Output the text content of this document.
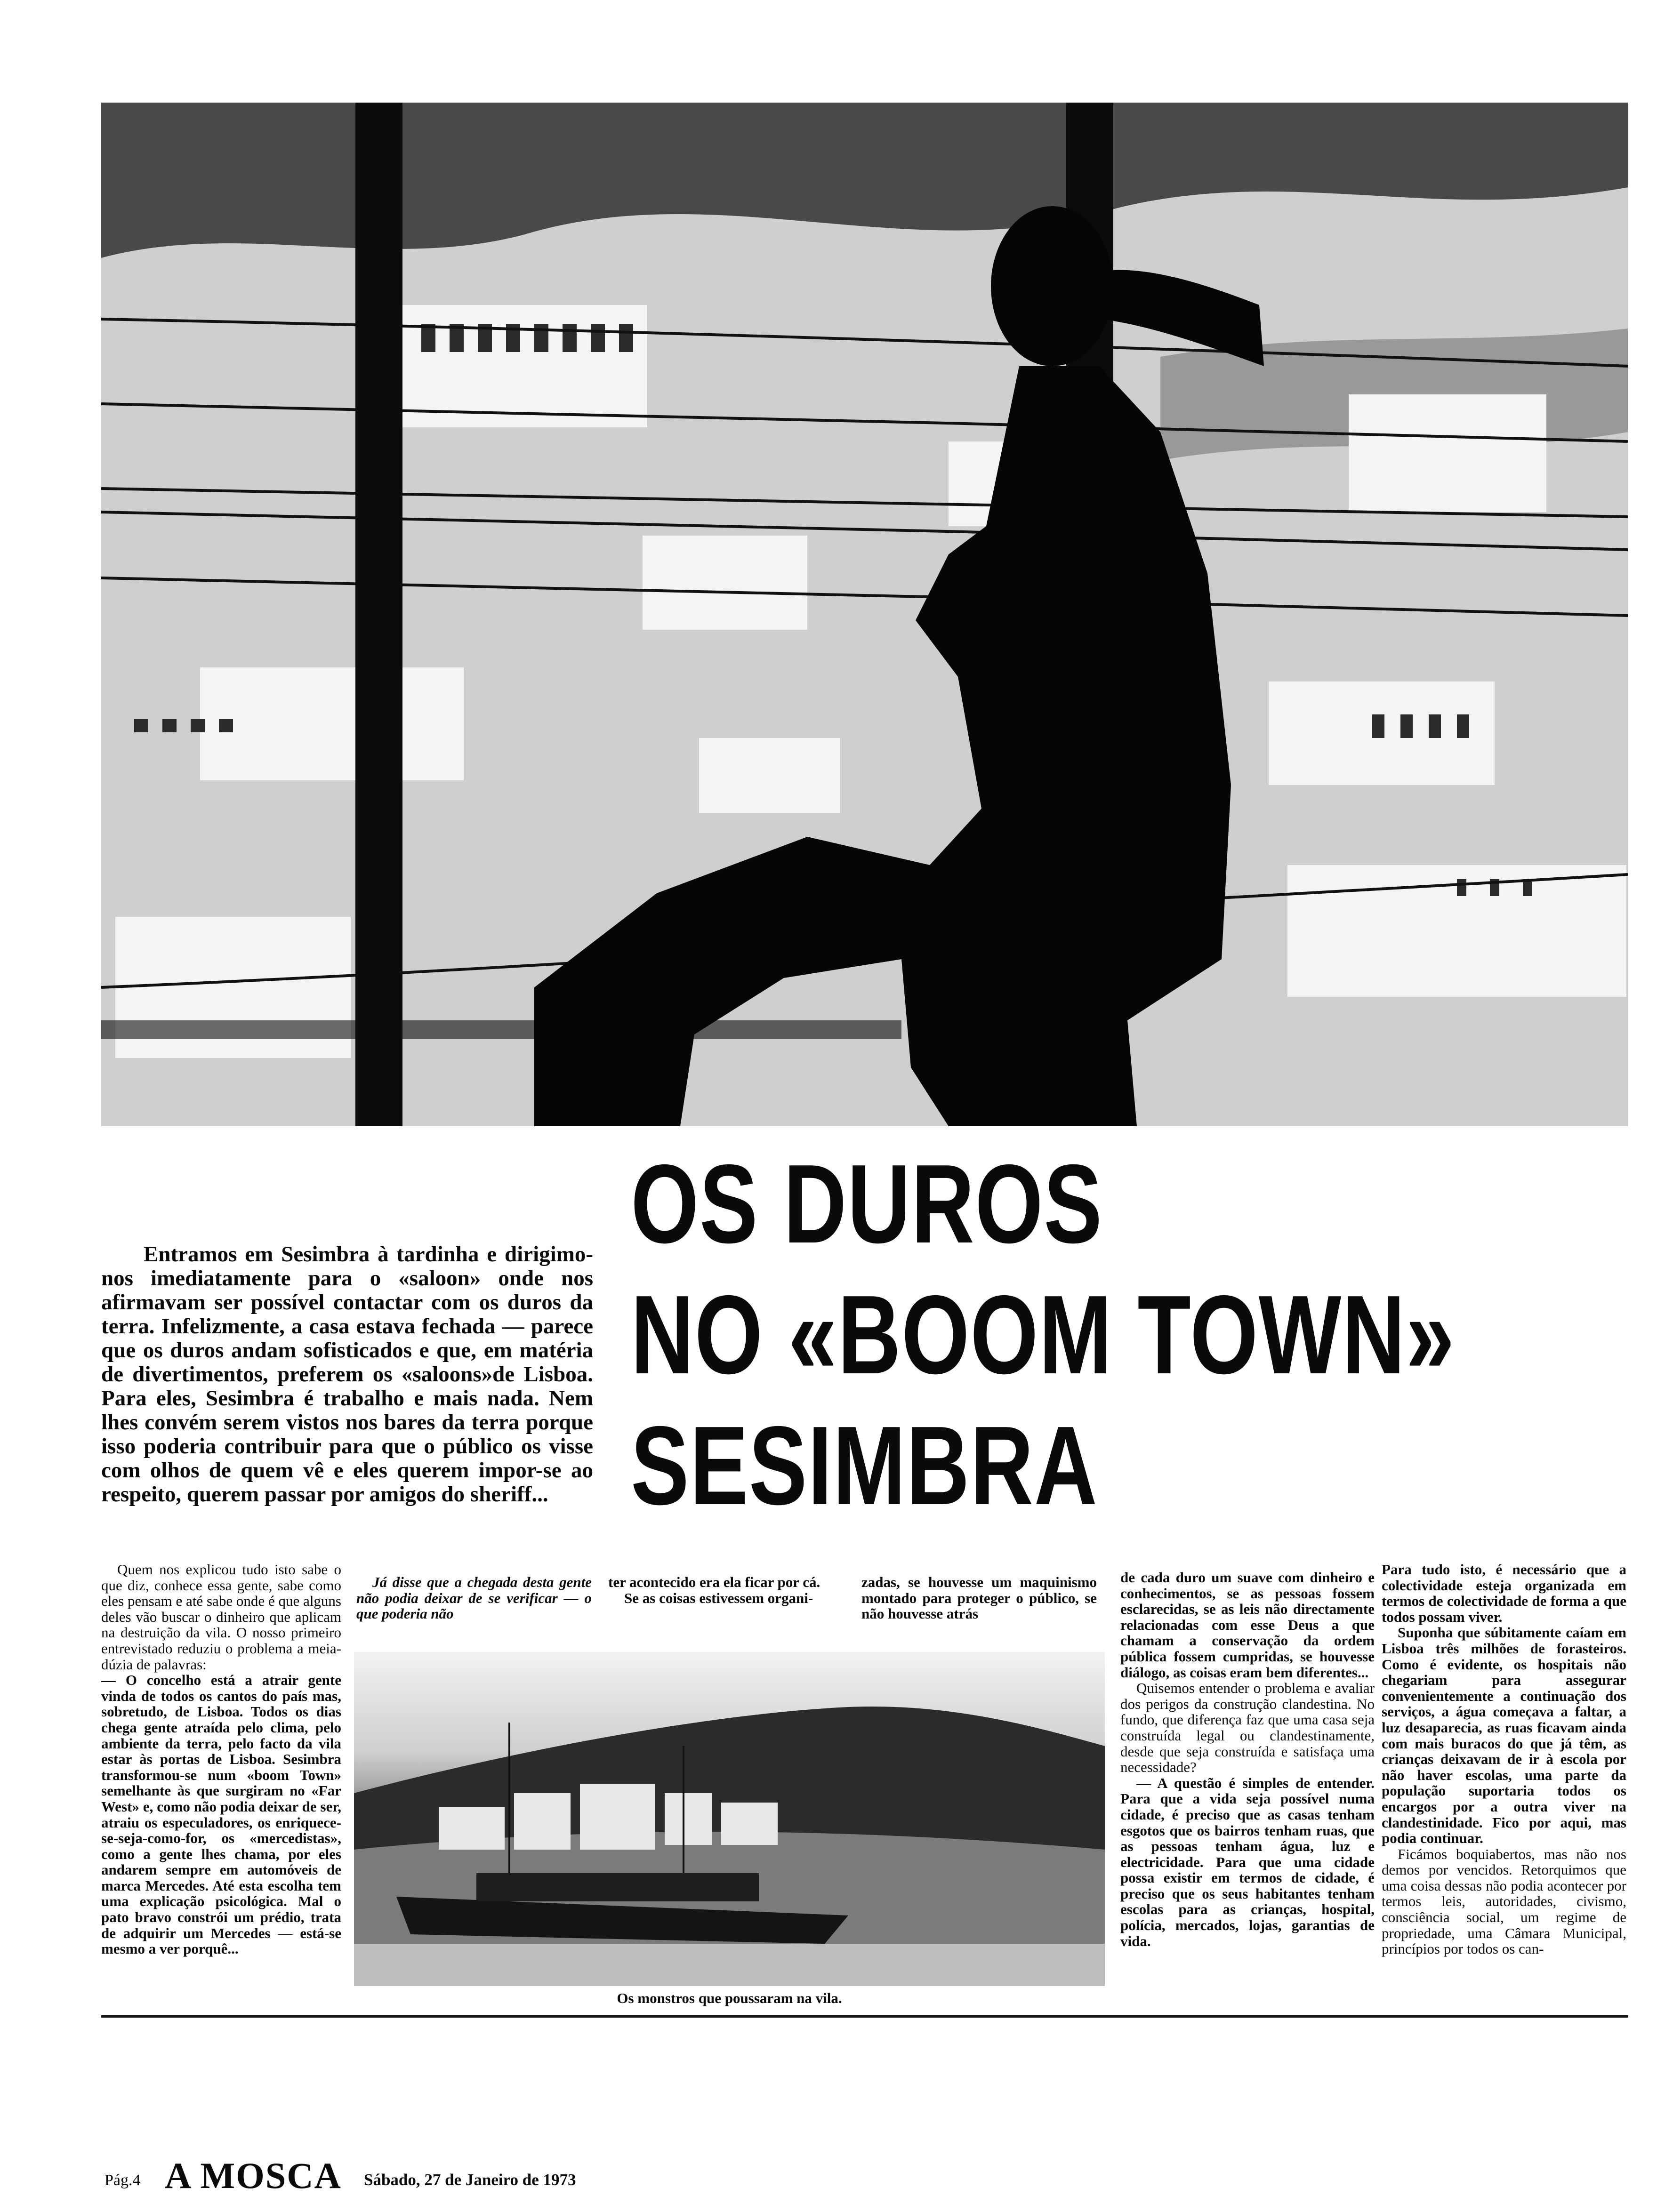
OS DUROS
NO «BOOM TOWN»
SESIMBRA
Entramos em Sesimbra à tardinha e dirigimo-nos imediatamente para o «saloon» onde nos afirmavam ser possível contactar com os duros da terra. Infelizmente, a casa estava fechada — parece que os duros andam sofisticados e que, em matéria de divertimentos, preferem os «saloons»de Lisboa. Para eles, Sesimbra é trabalho e mais nada. Nem lhes convém serem vistos nos bares da terra porque isso poderia contribuir para que o público os visse com olhos de quem vê e eles querem impor-se ao respeito, querem passar por amigos do sheriff...

Quem nos explicou tudo isto sabe o que diz, conhece essa gente, sabe como eles pensam e até sabe onde é que alguns deles vão buscar o dinheiro que aplicam na destruição da vila. O nosso primeiro entrevistado reduziu o problema a meia-dúzia de palavras:

— O concelho está a atrair gente vinda de todos os cantos do país mas, sobretudo, de Lisboa. Todos os dias chega gente atraída pelo clima, pelo ambiente da terra, pelo facto da vila estar às portas de Lisboa. Sesimbra transformou-se num «boom Town» semelhante às que surgiram no «Far West» e, como não podia deixar de ser, atraiu os especuladores, os enriquece-se-seja-como-for, os «mercedistas», como a gente lhes chama, por eles andarem sempre em automóveis de marca Mercedes. Até esta escolha tem uma explicação psicológica. Mal o pato bravo constrói um prédio, trata de adquirir um Mercedes — está-se mesmo a ver porquê...

Já disse que a chegada desta gente não podia deixar de se verificar — o que poderia não

ter acontecido era ela ficar por cá.

Se as coisas estivessem organi-

zadas, se houvesse um maquinismo montado para proteger o público, se não houvesse atrás

Os monstros que poussaram na vila.

de cada duro um suave com dinheiro e conhecimentos, se as pessoas fossem esclarecidas, se as leis não directamente relacionadas com esse Deus a que chamam a conservação da ordem pública fossem cumpridas, se houvesse diálogo, as coisas eram bem diferentes...

Quisemos entender o problema e avaliar dos perigos da construção clandestina. No fundo, que diferença faz que uma casa seja construída legal ou clandestinamente, desde que seja construída e satisfaça uma necessidade?

— A questão é simples de entender. Para que a vida seja possível numa cidade, é preciso que as casas tenham esgotos que os bairros tenham ruas, que as pessoas tenham água, luz e electricidade. Para que uma cidade possa existir em termos de cidade, é preciso que os seus habitantes tenham escolas para as crianças, hospital, polícia, mercados, lojas, garantias de vida.

Para tudo isto, é necessário que a colectividade esteja organizada em termos de colectividade de forma a que todos possam viver.

Suponha que súbitamente caíam em Lisboa três milhões de forasteiros. Como é evidente, os hospitais não chegariam para assegurar convenientemente a continuação dos serviços, a água começava a faltar, a luz desaparecia, as ruas ficavam ainda com mais buracos do que já têm, as crianças deixavam de ir à escola por não haver escolas, uma parte da população suportaria todos os encargos por a outra viver na clandestinidade. Fico por aqui, mas podia continuar.

Ficámos boquiabertos, mas não nos demos por vencidos. Retorquimos que uma coisa dessas não podia acontecer por termos leis, autoridades, civismo, consciência social, um regime de propriedade, uma Câmara Municipal, princípios por todos os can-

Pág.4 A MOSCA Sábado, 27 de Janeiro de 1973
